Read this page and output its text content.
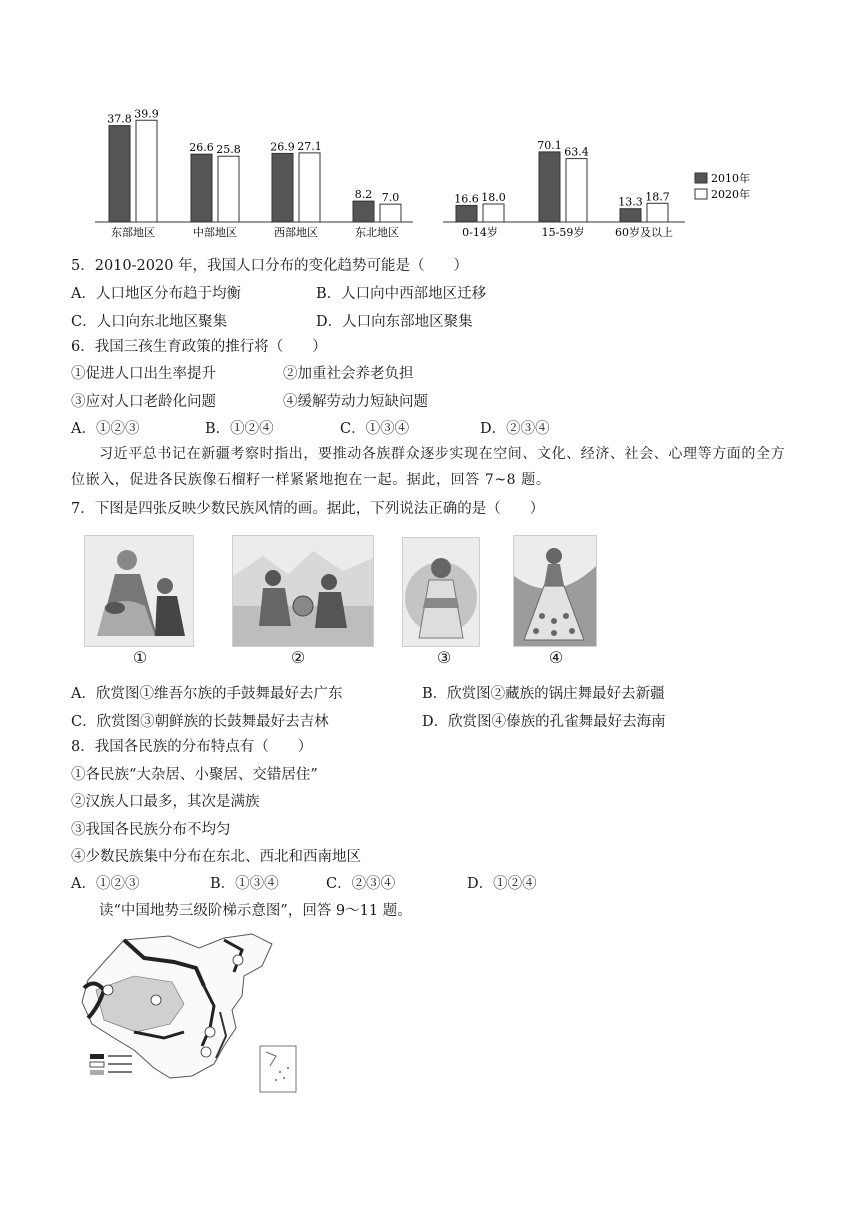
37.8 39.9
东部地区
26.6 25.8
中部地区
26.9 27.1
西部地区
8.2 7.0
东北地区
16.6 18.0
0-14岁
70.1
63.4
15-59岁
13.3 18.7
60岁及以上
2010年
2020年
5．2010-2020 年，我国人口分布的变化趋势可能是（　　）
A．人口地区分布趋于均衡	B．人口向中西部地区迁移
C．人口向东北地区聚集	D．人口向东部地区聚集
6．我国三孩生育政策的推行将（　　）
①促进人口出生率提升	②加重社会养老负担
③应对人口老龄化问题	④缓解劳动力短缺问题
A．①②③	B．①②④	C．①③④	D．②③④
习近平总书记在新疆考察时指出，要推动各族群众逐步实现在空间、文化、经济、社会、心理等方面的全方位嵌入，促进各民族像石榴籽一样紧紧地抱在一起。据此，回答 7~8 题。
7．下图是四张反映少数民族风情的画。据此，下列说法正确的是（　　）
①	②	③	④
A．欣赏图①维吾尔族的手鼓舞最好去广东	B．欣赏图②藏族的锅庄舞最好去新疆
C．欣赏图③朝鲜族的长鼓舞最好去吉林	D．欣赏图④傣族的孔雀舞最好去海南
8．我国各民族的分布特点有（　　）
①各民族“大杂居、小聚居、交错居住”
②汉族人口最多，其次是满族
③我国各民族分布不均匀
④少数民族集中分布在东北、西北和西南地区
A．①②③	B．①③④	C．②③④	D．①②④
读“中国地势三级阶梯示意图”，回答 9～11 题。
